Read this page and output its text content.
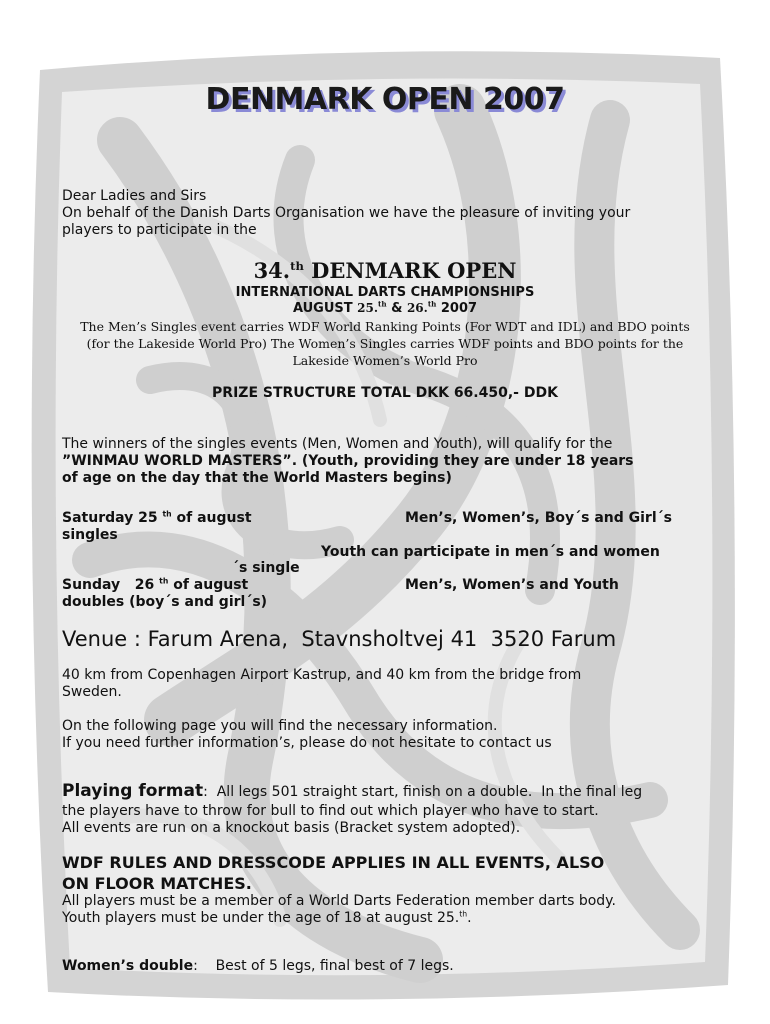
DENMARK OPEN 2007
Dear Ladies and Sirs
On behalf of the Danish Darts Organisation we have the pleasure of inviting your
players to participate in the
34.$^{th}$ DENMARK OPEN
INTERNATIONAL DARTS CHAMPIONSHIPS
AUGUST 25.$^{th}$ & 26.$^{th}$ 2007
The Men’s Singles event carries WDF World Ranking Points (For WDT and IDL) and BDO points
(for the Lakeside World Pro) The Women’s Singles carries WDF points and BDO points for the
Lakeside Women’s World Pro
PRIZE STRUCTURE TOTAL DKK 66.450,- DDK
The winners of the singles events (Men, Women and Youth), will qualify for the
”WINMAU WORLD MASTERS”. (Youth, providing they are under 18 years
of age on the day that the World Masters begins)
Saturday 25 $^{th}$ of august	Men’s, Women’s, Boy´s and Girl´s
singles
Youth can participate in men´s and women
´s single
Sunday   26 $^{th}$ of august	Men’s, Women’s and Youth
doubles (boy´s and girl´s)
Venue : Farum Arena,  Stavnsholtvej 41  3520 Farum
40 km from Copenhagen Airport Kastrup, and 40 km from the bridge from
Sweden.
On the following page you will find the necessary information.
If you need further information’s, please do not hesitate to contact us
Playing format:  All legs 501 straight start, finish on a double.  In the final leg
the players have to throw for bull to find out which player who have to start.
All events are run on a knockout basis (Bracket system adopted).
WDF RULES AND DRESSCODE APPLIES IN ALL EVENTS, ALSO
ON FLOOR MATCHES.
All players must be a member of a World Darts Federation member darts body.
Youth players must be under the age of 18 at august 25.$^{th}$.
Women’s double:    Best of 5 legs, final best of 7 legs.
